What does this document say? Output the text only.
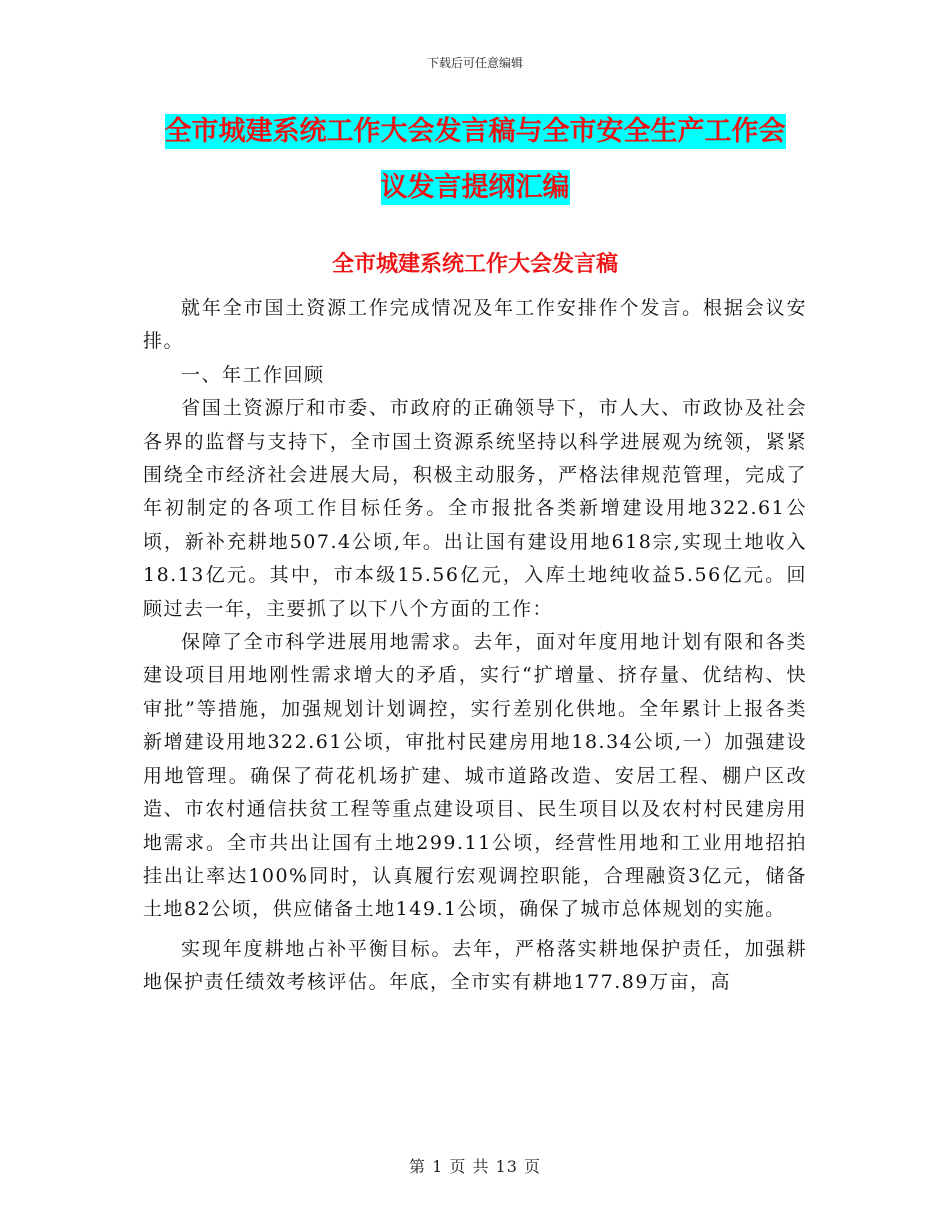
下载后可任意编辑
全市城建系统工作大会发言稿与全市安全生产工作会
议发言提纲汇编
全市城建系统工作大会发言稿

就年全市国土资源工作完成情况及年工作安排作个发言。根据会议安排。

一、年工作回顾

省国土资源厅和市委、市政府的正确领导下，市人大、市政协及社会各界的监督与支持下，全市国土资源系统坚持以科学进展观为统领，紧紧围绕全市经济社会进展大局，积极主动服务，严格法律规范管理，完成了年初制定的各项工作目标任务。全市报批各类新增建设用地322.61公顷，新补充耕地507.4公顷,年。出让国有建设用地618宗,实现土地收入18.13亿元。其中，市本级15.56亿元，入库土地纯收益5.56亿元。回顾过去一年，主要抓了以下八个方面的工作：

保障了全市科学进展用地需求。去年，面对年度用地计划有限和各类建设项目用地刚性需求增大的矛盾，实行“扩增量、挤存量、优结构、快审批”等措施，加强规划计划调控，实行差别化供地。全年累计上报各类新增建设用地322.61公顷，审批村民建房用地18.34公顷,一）加强建设用地管理。确保了荷花机场扩建、城市道路改造、安居工程、棚户区改造、市农村通信扶贫工程等重点建设项目、民生项目以及农村村民建房用地需求。全市共出让国有土地299.11公顷，经营性用地和工业用地招拍挂出让率达100%同时，认真履行宏观调控职能，合理融资3亿元，储备土地82公顷，供应储备土地149.1公顷，确保了城市总体规划的实施。

实现年度耕地占补平衡目标。去年，严格落实耕地保护责任，加强耕地保护责任绩效考核评估。年底，全市实有耕地177.89万亩，高

第 1 页 共 13 页
